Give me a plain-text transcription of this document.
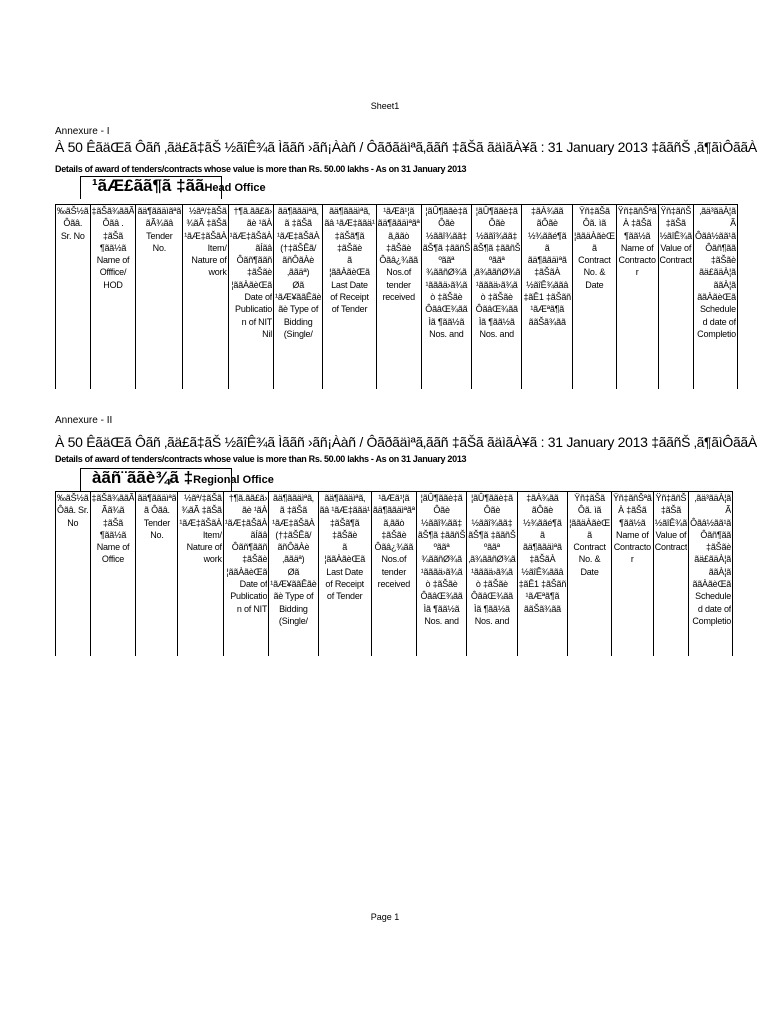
Sheet1
Annexure - I
À 50 ÊãäŒã Ôãñ ‚ãä£ã‡ãŠ ½ãîÊ¾ã Ìããñ ›ãñ¡Ààñ / Ôãðãäìªã‚ããñ ‡ãŠã ãäìãÀ¥ã : 31 January 2013 ‡ããñŠ ‚ã¶ãìÔããÀ
Details of award of tenders/contracts whose value is more than Rs. 50.00 lakhs - As on 31 January 2013
¹ãÆ£ãã¶ã ‡ããHead Office
‰ãŠ½ã
Ôãâ.
Sr. No

‡ãŠã¾ããÃ
Ôãâ .
‡ãŠã
¶ãã½ã
Name of
Offfice/
HOD

ãä¶ããäìãªã
ãÃ¾ãâ
Tender
No.

½ãª/‡ãŠã
¾ãÃ ‡ãŠã
¹ãÆ‡ãŠãÀ
Item/
Nature of
work

†¶ã.ãã£ã›
ãè ¹ãÀ
¹ãÆ‡ãŠãÀ
ãÍãâ
Ôãñ¶ããñ
‡ãŠãè
¦ããÀãèŒã
Date of
Publicatio
n of NIT
Nil

ãä¶ããäìªã‚
ã ‡ãŠã
¹ãÆ‡ãŠãÀ
(†‡ãŠÊã/
ãñÔãÀè
‚ããäª)
Øã
¹ãÆ¥ããÊãè
ãè Type of
Bidding
(Single/

ãä¶ããäìªã‚
ãâ ¹ãÆ‡ããä¹
‡ãŠã¶ã
‡ãŠãè
ã
¦ããÀãèŒã
Last Date
of Receipt
of Tender

¹ãÆã¹¦ã
ãä¶ããäìªãª
ã‚ããò
‡ãŠãè
Ôãâ¿¾ãã
Nos.of
tender
received

¦ãÛ¶ããè‡ã
Ôãè
½ããî¾ãã‡
ãŠ¶ã ‡ããñŠ
ºããª
¾ããñØ¾ã
¹ãããä›ã¾ã
ò ‡ãŠãè
ÔãâŒ¾ãã
Ìã ¶ãã½ã
Nos. and

¦ãÛ¶ããè‡ã
Ôãè
½ããî¾ãã‡
ãŠ¶ã ‡ããñŠ
ºããª
‚ã¾ããñØ¾ã
¹ãããä›ã¾ã
ò ‡ãŠãè
ÔãâŒ¾ãã
Ìã ¶ãã½ã
Nos. and

‡ãÀ¾ãã
ãÔãè
½¾ããé¶ã
ã
ãä¶ããäìªã
‡ãŠãÀ
½ãîÊ¾ããâ
‡ãÊ1 ‡ãŠãñ
¹ãÆªã¶ã
ããŠã¾ãã

Ÿñ‡ãŠã
Ôã. ìã
¦ããäÀãèŒ
ã
Contract
No. &
Date

Ÿñ‡ãñŠªã
À ‡ãŠã
¶ãã½ã
Name of
Contracto
r

Ÿñ‡ãñŠ
‡ãŠã
½ãîÊ¾ã
Value of
Contract

‚ãä³ãäÀ¦ã
Ã
Ôãâ½ãã¹ã
Ôãñ¶ãã
‡ãŠãè
ãä£ãäÀ¦ã
ããÀ¦ã
ããÀãèŒã
Schedule
d date of
Completio
Annexure - II
À 50 ÊãäŒã Ôãñ ‚ãä£ã‡ãŠ ½ãîÊ¾ã Ìããñ ›ãñ¡Ààñ / Ôãðãäìªã‚ããñ ‡ãŠã ãäìãÀ¥ã : 31 January 2013 ‡ããñŠ ‚ã¶ãìÔããÀ
Details of award of tenders/contracts whose value is more than Rs. 50.00 lakhs - As on 31 January 2013
àãñ¨ããè¾ã ‡Regional Office
‰ãŠ½ã
Ôãâ. Sr.
No

‡ãŠã¾ããÃ
Ãã¾ã
‡ãŠã
¶ãã½ã
Name of
Office

ãä¶ããäìªã
ã Ôãâ.
Tender
No.

½ãª/‡ãŠã
¾ãÃ ‡ãŠã
¹ãÆ‡ãŠãÀ
Item/
Nature of
work

†¶ã.ãã£ã›
ãè ¹ãÀ
¹ãÆ‡ãŠãÀ
ãÍãâ
Ôãñ¶ããñ
‡ãŠãè
¦ããÀãèŒã
Date of
Publicatio
n of NIT

ãä¶ããäìªã‚
ã ‡ãŠã
¹ãÆ‡ãŠãÀ
(†‡ãŠÊã/
ãñÔãÀè
‚ããäª)
Øã
¹ãÆ¥ããÊãè
ãè Type of
Bidding
(Single/

ãä¶ããäìªã‚
ãâ ¹ãÆ‡ããä¹
‡ãŠã¶ã
‡ãŠãè
ã
¦ããÀãèŒã
Last Date
of Receipt
of Tender

¹ãÆã¹¦ã
ãä¶ããäìªãª
ã‚ããò
‡ãŠãè
Ôãâ¿¾ãã
Nos.of
tender
received

¦ãÛ¶ããè‡ã
Ôãè
½ããî¾ãã‡
ãŠ¶ã ‡ããñŠ
ºããª
¾ããñØ¾ã
¹ãããä›ã¾ã
ò ‡ãŠãè
ÔãâŒ¾ãã
Ìã ¶ãã½ã
Nos. and

¦ãÛ¶ããè‡ã
Ôãè
½ããî¾ãã‡
ãŠ¶ã ‡ããñŠ
ºããª
‚ã¾ããñØ¾ã
¹ãããä›ã¾ã
ò ‡ãŠãè
ÔãâŒ¾ãã
Ìã ¶ãã½ã
Nos. and

‡ãÀ¾ãã
ãÔãè
½¾ããé¶ã
ã
ãä¶ããäìªã
‡ãŠãÀ
½ãîÊ¾ããâ
‡ãÊ1 ‡ãŠãñ
¹ãÆªã¶ã
ããŠã¾ãã

Ÿñ‡ãŠã
Ôã. ìã
¦ããäÀãèŒ
ã
Contract
No. &
Date

Ÿñ‡ãñŠªã
À ‡ãŠã
¶ãã½ã
Name of
Contracto
r

Ÿñ‡ãñŠ
‡ãŠã
½ãîÊ¾ã
Value of
Contract

‚ãä³ãäÀ¦ã
Ã
Ôãâ½ãã¹ã
Ôãñ¶ãã
‡ãŠãè
ãä£ãäÀ¦ã
ããÀ¦ã
ããÀãèŒã
Schedule
d date of
Completio
Page 1
